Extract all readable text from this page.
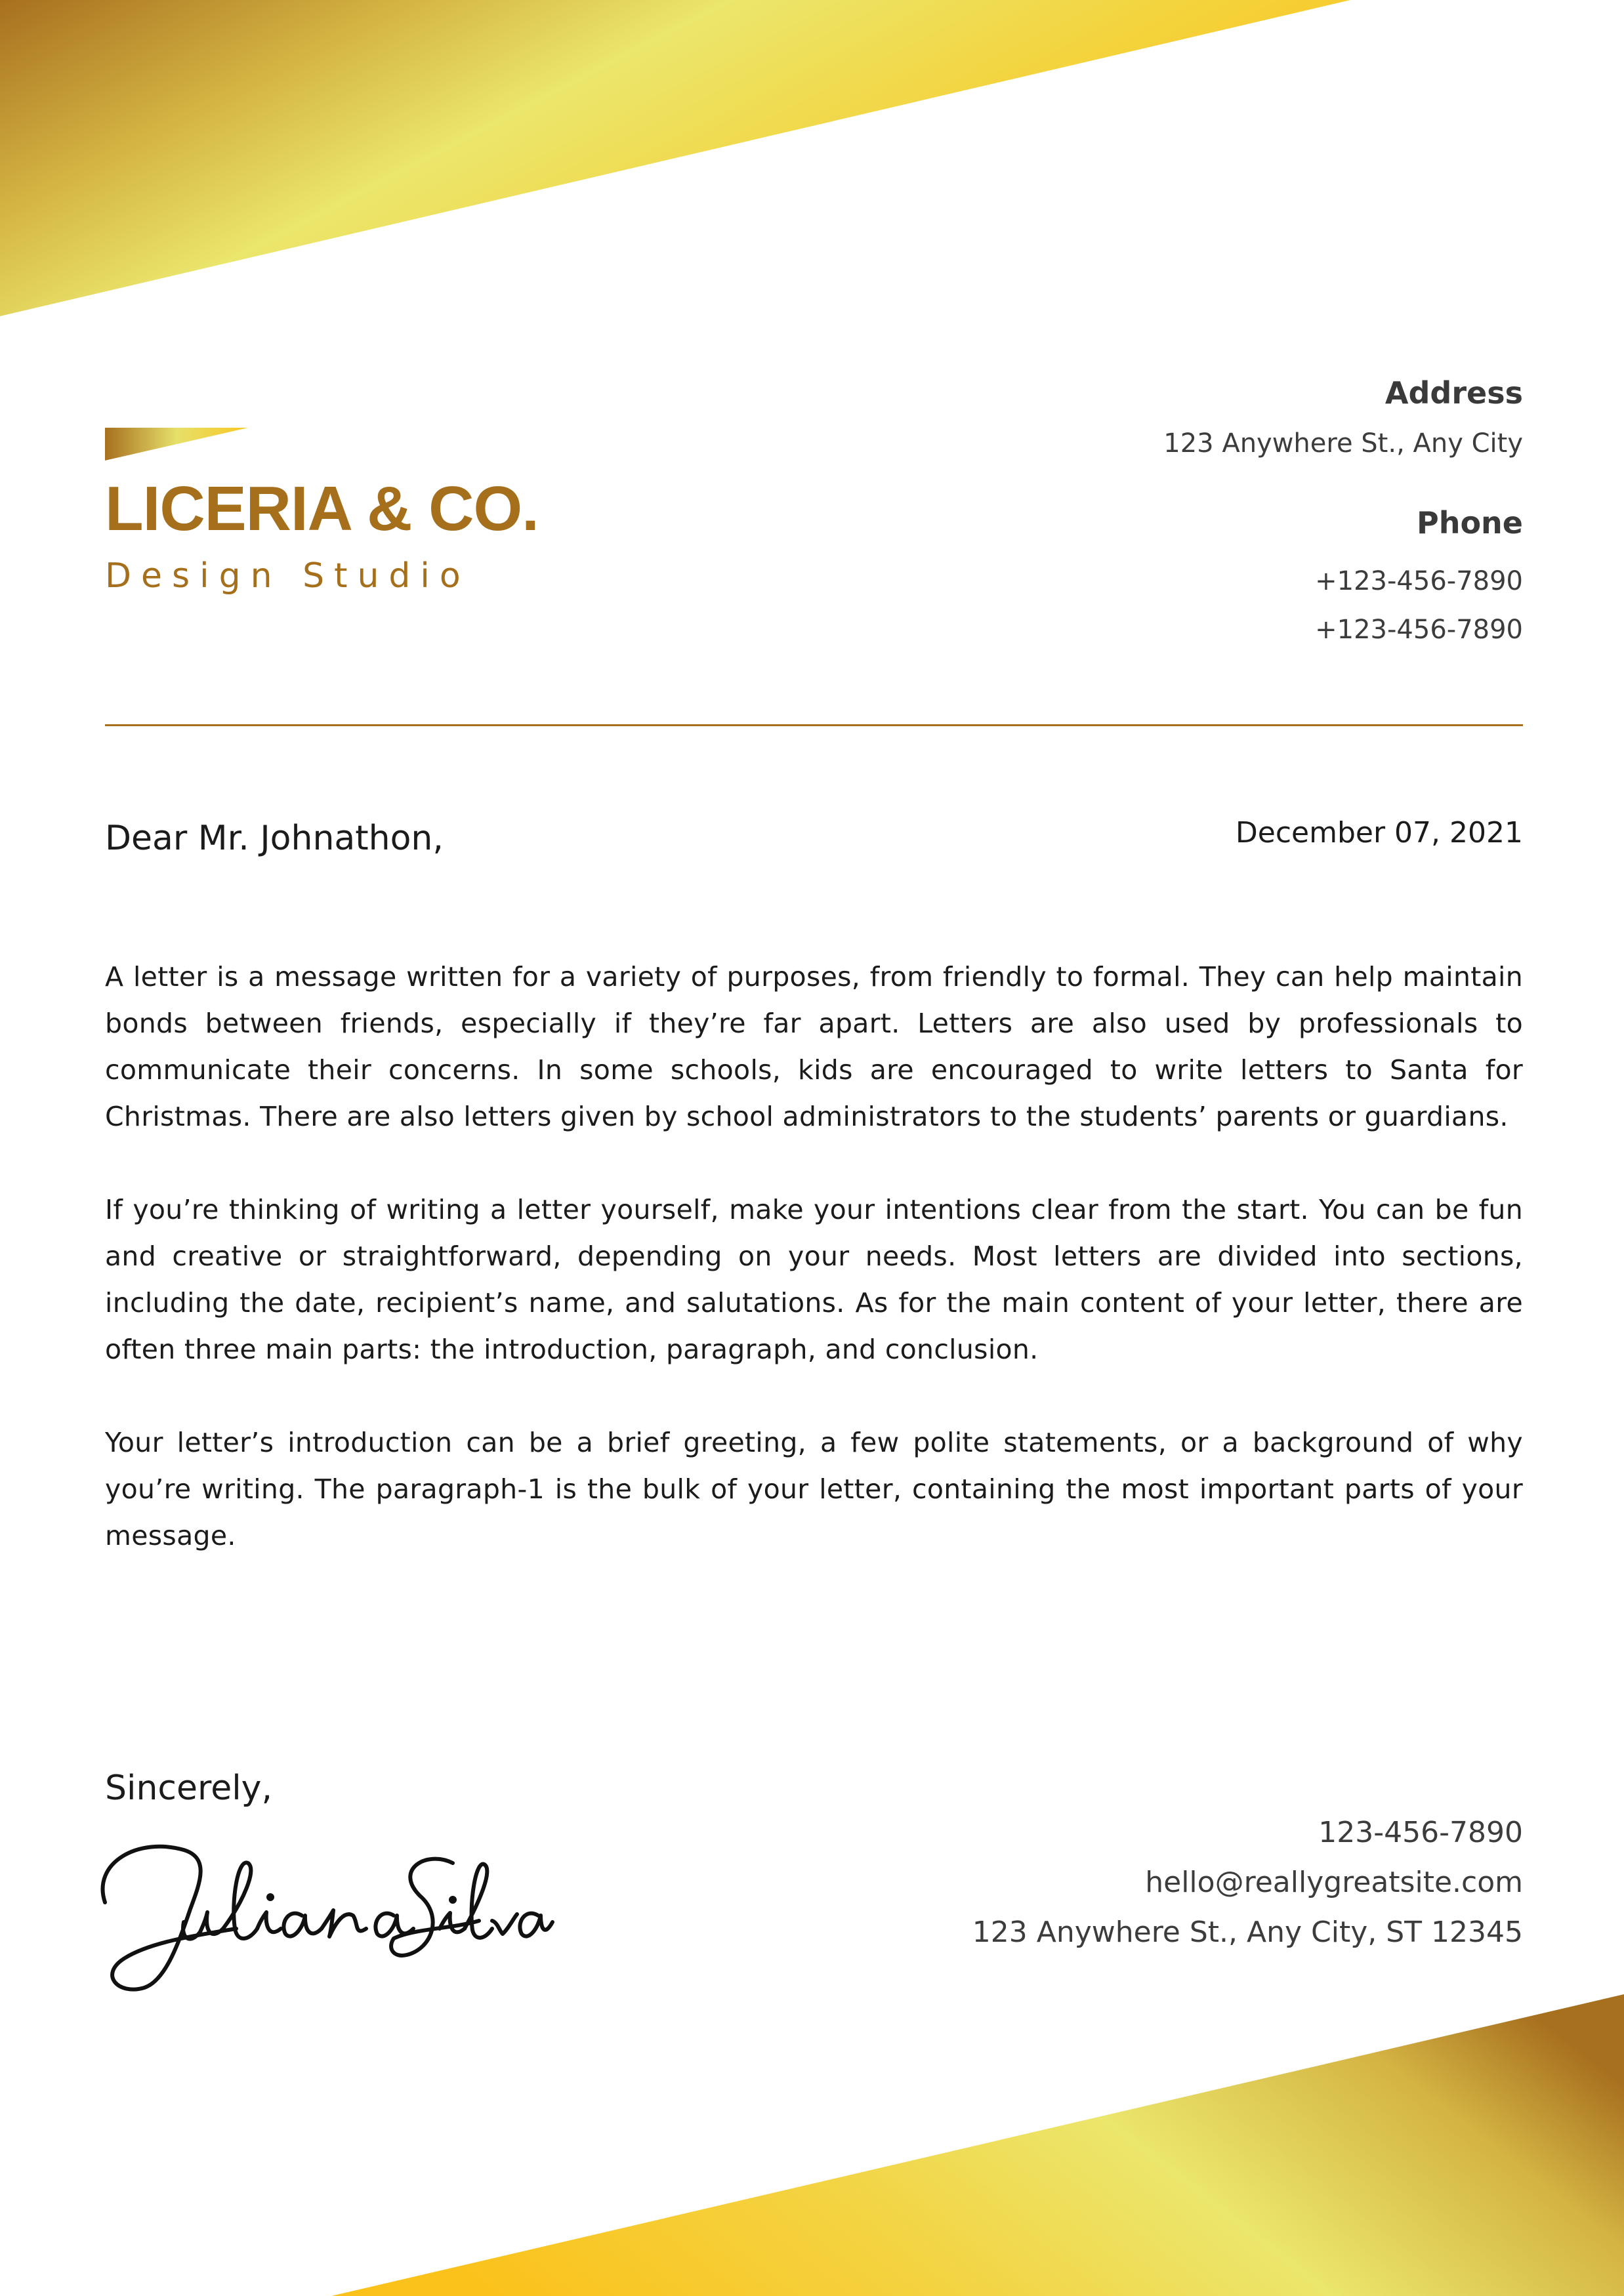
LICERIA & CO.
Design Studio
Address
123 Anywhere St., Any City
Phone
+123-456-7890
+123-456-7890
Dear Mr. Johnathon,	December 07, 2021

A letter is a message written for a variety of purposes, from friendly to formal. They can help maintain bonds between friends, especially if they’re far apart. Letters are also used by professionals to communicate their concerns. In some schools, kids are encouraged to write letters to Santa for Christmas. There are also letters given by school administrators to the students’ parents or guardians.

If you’re thinking of writing a letter yourself, make your intentions clear from the start. You can be fun and creative or straightforward, depending on your needs. Most letters are divided into sections, including the date, recipient’s name, and salutations. As for the main content of your letter, there are often three main parts: the introduction, paragraph, and conclusion.

Your letter’s introduction can be a brief greeting, a few polite statements, or a background of why you’re writing. The paragraph-1 is the bulk of your letter, containing the most important parts of your message.

Sincerely,
123-456-7890
hello@reallygreatsite.com
123 Anywhere St., Any City, ST 12345
